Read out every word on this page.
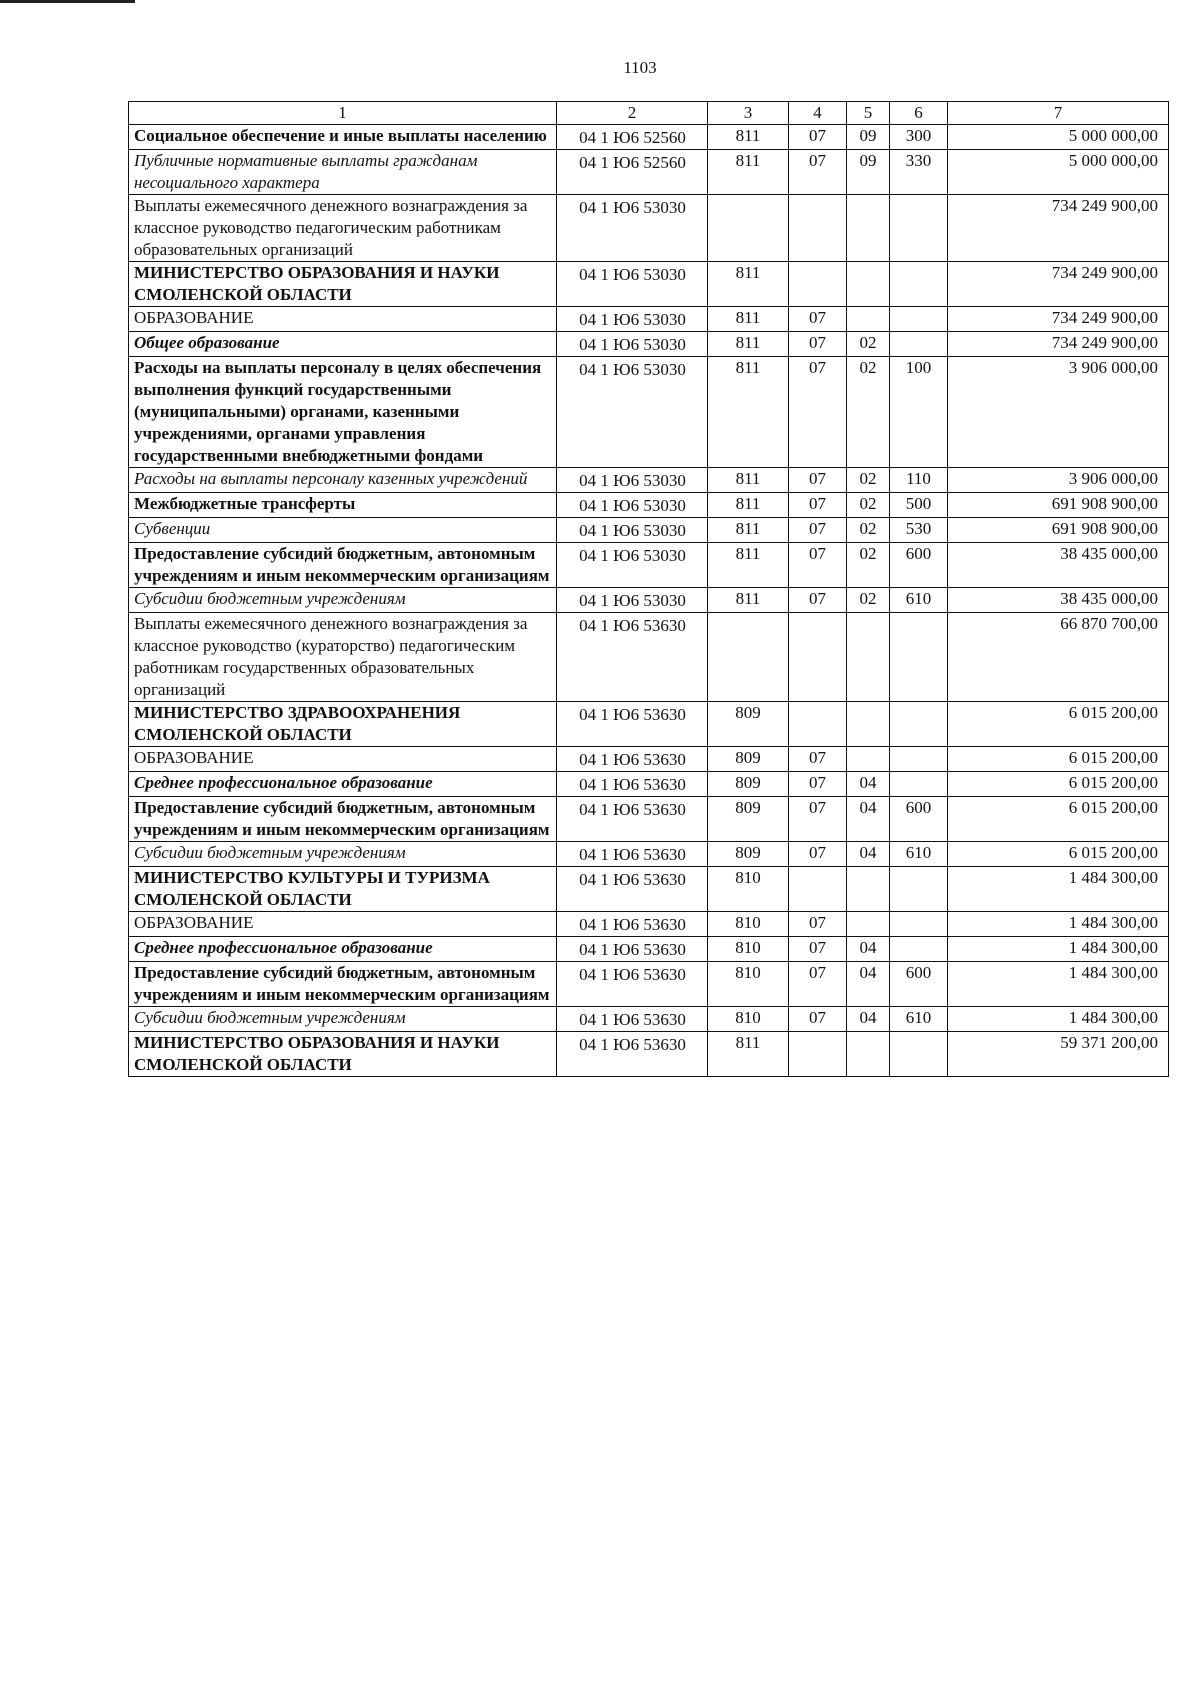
1103
1	2	3	4	5	6	7
Социальное обеспечение и иные выплаты населению	04 1 Ю6 52560	811	07	09	300	5 000 000,00
Публичные нормативные выплаты гражданам несоциального характера	04 1 Ю6 52560	811	07	09	330	5 000 000,00
Выплаты ежемесячного денежного вознаграждения за классное руководство педагогическим работникам образовательных организаций	04 1 Ю6 53030					734 249 900,00
МИНИСТЕРСТВО ОБРАЗОВАНИЯ И НАУКИ СМОЛЕНСКОЙ ОБЛАСТИ	04 1 Ю6 53030	811				734 249 900,00
ОБРАЗОВАНИЕ	04 1 Ю6 53030	811	07			734 249 900,00
Общее образование	04 1 Ю6 53030	811	07	02		734 249 900,00
Расходы на выплаты персоналу в целях обеспечения выполнения функций государственными (муниципальными) органами, казенными учреждениями, органами управления государственными внебюджетными фондами	04 1 Ю6 53030	811	07	02	100	3 906 000,00
Расходы на выплаты персоналу казенных учреждений	04 1 Ю6 53030	811	07	02	110	3 906 000,00
Межбюджетные трансферты	04 1 Ю6 53030	811	07	02	500	691 908 900,00
Субвенции	04 1 Ю6 53030	811	07	02	530	691 908 900,00
Предоставление субсидий бюджетным, автономным учреждениям и иным некоммерческим организациям	04 1 Ю6 53030	811	07	02	600	38 435 000,00
Субсидии бюджетным учреждениям	04 1 Ю6 53030	811	07	02	610	38 435 000,00
Выплаты ежемесячного денежного вознаграждения за классное руководство (кураторство) педагогическим работникам государственных образовательных организаций	04 1 Ю6 53630					66 870 700,00
МИНИСТЕРСТВО ЗДРАВООХРАНЕНИЯ СМОЛЕНСКОЙ ОБЛАСТИ	04 1 Ю6 53630	809				6 015 200,00
ОБРАЗОВАНИЕ	04 1 Ю6 53630	809	07			6 015 200,00
Среднее профессиональное образование	04 1 Ю6 53630	809	07	04		6 015 200,00
Предоставление субсидий бюджетным, автономным учреждениям и иным некоммерческим организациям	04 1 Ю6 53630	809	07	04	600	6 015 200,00
Субсидии бюджетным учреждениям	04 1 Ю6 53630	809	07	04	610	6 015 200,00
МИНИСТЕРСТВО КУЛЬТУРЫ И ТУРИЗМА СМОЛЕНСКОЙ ОБЛАСТИ	04 1 Ю6 53630	810				1 484 300,00
ОБРАЗОВАНИЕ	04 1 Ю6 53630	810	07			1 484 300,00
Среднее профессиональное образование	04 1 Ю6 53630	810	07	04		1 484 300,00
Предоставление субсидий бюджетным, автономным учреждениям и иным некоммерческим организациям	04 1 Ю6 53630	810	07	04	600	1 484 300,00
Субсидии бюджетным учреждениям	04 1 Ю6 53630	810	07	04	610	1 484 300,00
МИНИСТЕРСТВО ОБРАЗОВАНИЯ И НАУКИ СМОЛЕНСКОЙ ОБЛАСТИ	04 1 Ю6 53630	811				59 371 200,00
